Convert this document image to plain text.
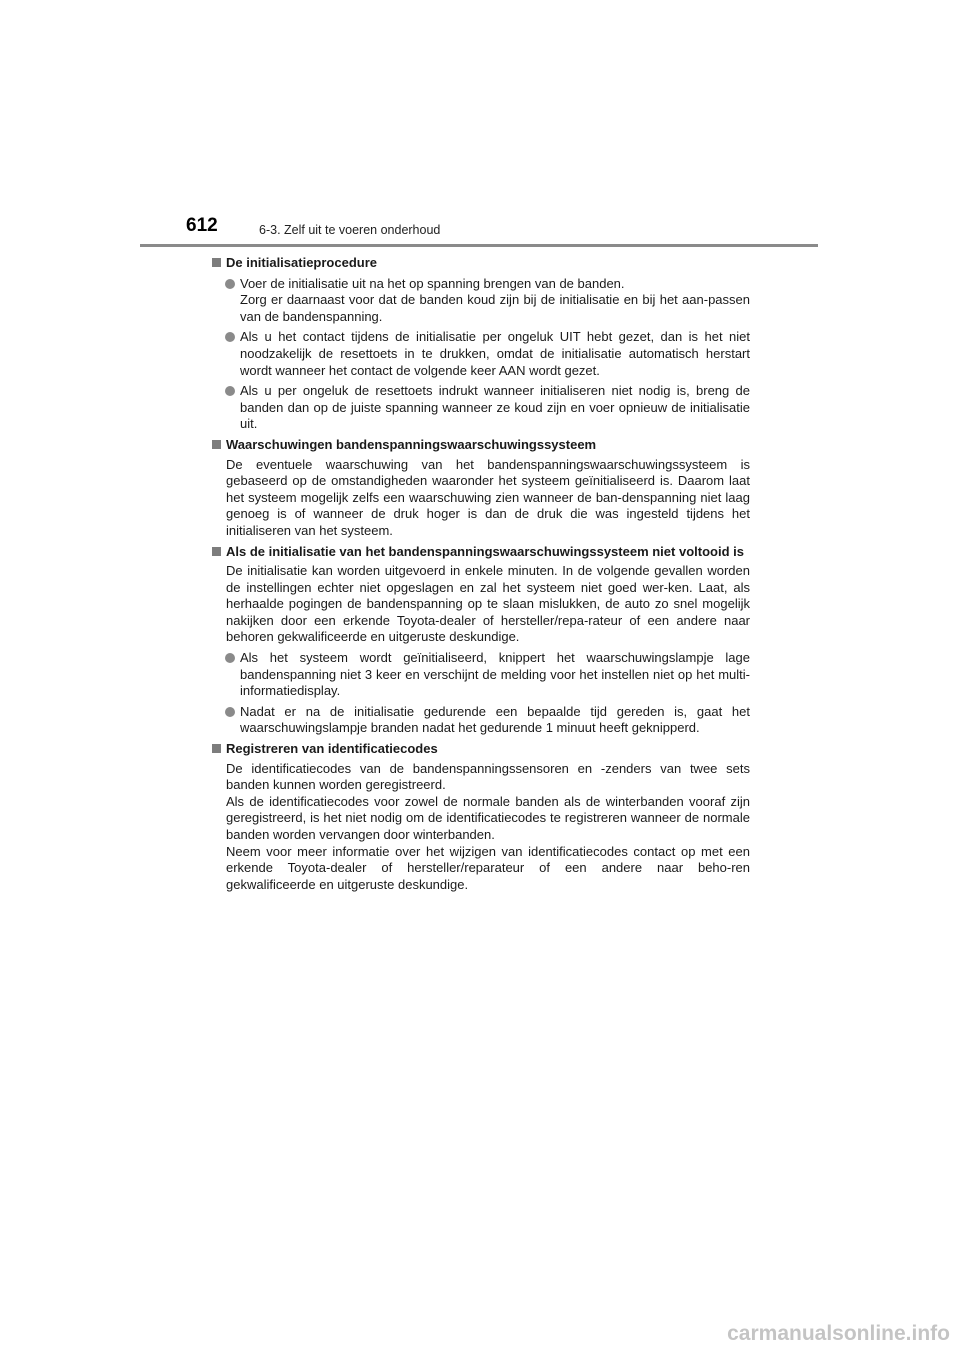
612	6-3. Zelf uit te voeren onderhoud
De initialisatieprocedure
Voer de initialisatie uit na het op spanning brengen van de banden.
Zorg er daarnaast voor dat de banden koud zijn bij de initialisatie en bij het aan-passen van de bandenspanning.
Als u het contact tijdens de initialisatie per ongeluk UIT hebt gezet, dan is het niet noodzakelijk de resettoets in te drukken, omdat de initialisatie automatisch herstart wordt wanneer het contact de volgende keer AAN wordt gezet.
Als u per ongeluk de resettoets indrukt wanneer initialiseren niet nodig is, breng de banden dan op de juiste spanning wanneer ze koud zijn en voer opnieuw de initialisatie uit.
Waarschuwingen bandenspanningswaarschuwingssysteem
De eventuele waarschuwing van het bandenspanningswaarschuwingssysteem is gebaseerd op de omstandigheden waaronder het systeem geïnitialiseerd is. Daarom laat het systeem mogelijk zelfs een waarschuwing zien wanneer de ban-denspanning niet laag genoeg is of wanneer de druk hoger is dan de druk die was ingesteld tijdens het initialiseren van het systeem.
Als de initialisatie van het bandenspanningswaarschuwingssysteem niet voltooid is
De initialisatie kan worden uitgevoerd in enkele minuten. In de volgende gevallen worden de instellingen echter niet opgeslagen en zal het systeem niet goed wer-ken. Laat, als herhaalde pogingen de bandenspanning op te slaan mislukken, de auto zo snel mogelijk nakijken door een erkende Toyota-dealer of hersteller/repa-rateur of een andere naar behoren gekwalificeerde en uitgeruste deskundige.
Als het systeem wordt geïnitialiseerd, knippert het waarschuwingslampje lage bandenspanning niet 3 keer en verschijnt de melding voor het instellen niet op het multi-informatiedisplay.
Nadat er na de initialisatie gedurende een bepaalde tijd gereden is, gaat het waarschuwingslampje branden nadat het gedurende 1 minuut heeft geknipperd.
Registreren van identificatiecodes
De identificatiecodes van de bandenspanningssensoren en -zenders van twee sets banden kunnen worden geregistreerd.
Als de identificatiecodes voor zowel de normale banden als de winterbanden vooraf zijn geregistreerd, is het niet nodig om de identificatiecodes te registreren wanneer de normale banden worden vervangen door winterbanden.
Neem voor meer informatie over het wijzigen van identificatiecodes contact op met een erkende Toyota-dealer of hersteller/reparateur of een andere naar beho-ren gekwalificeerde en uitgeruste deskundige.
carmanualsonline.info
